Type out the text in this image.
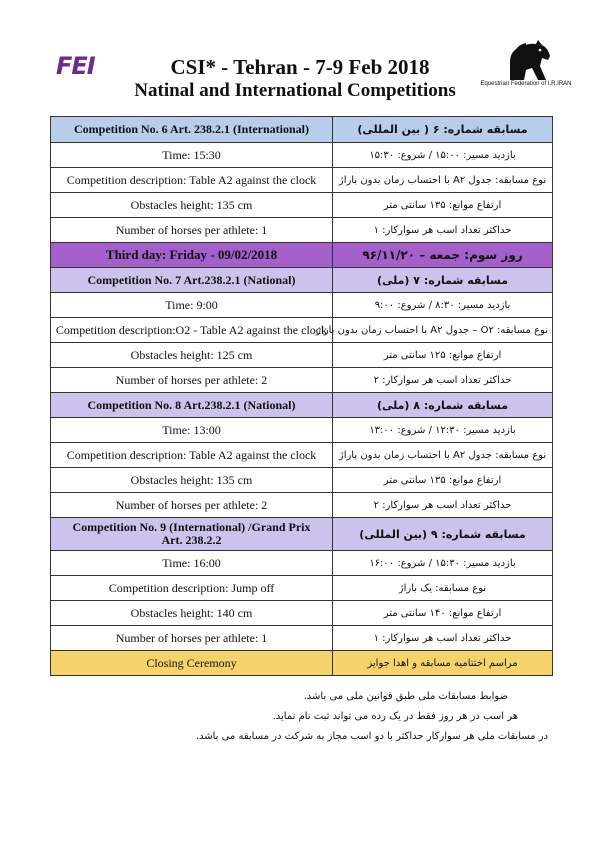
FEI	CSI* - Tehran - 7-9 Feb 2018
Natinal and International Competitions	Equestrian Federation of I.R.IRAN
Competition No. 6 Art. 238.2.1 (International)	مسابقه شماره: ۶ ( بین المللی)
Time: 15:30	بازدید مسیر: ۱۵:۰۰ / شروع: ۱۵:۳۰
Competition description: Table A2 against the clock	نوع مسابقه: جدول A۲ با احتساب زمان بدون باراژ
Obstacles height: 135 cm	ارتفاع موانع: ۱۳۵ سانتی متر
Number of horses per athlete: 1	حداکثر تعداد اسب هر سوارکار: ۱
Third day: Friday - 09/02/2018	روز سوم: جمعه – ۹۶/۱۱/۲۰
Competition No. 7 Art.238.2.1 (National)	مسابقه شماره: ۷ (ملی)
Time: 9:00	بازدید مسیر: ۸:۳۰ / شروع: ۹:۰۰
Competition description:O2 - Table A2 against the clock	نوع مسابقه: O۲ – جدول A۲ با احتساب زمان بدون باراژ
Obstacles height: 125 cm	ارتفاع موانع: ۱۲۵ سانتی متر
Number of horses per athlete: 2	حداکثر تعداد اسب هر سوارکار: ۲
Competition No. 8 Art.238.2.1 (National)	مسابقه شماره: ۸ (ملی)
Time: 13:00	بازدید مسیر: ۱۲:۳۰ / شروع: ۱۳:۰۰
Competition description: Table A2 against the clock	نوع مسابقه: جدول A۲ با احتساب زمان بدون باراژ
Obstacles height: 135 cm	ارتفاع موانع: ۱۳۵ سانتی متر
Number of horses per athlete: 2	حداکثر تعداد اسب هر سوارکار: ۲
Competition No. 9 (International) /Grand Prix
Art. 238.2.2	مسابقه شماره: ۹ (بین المللی)
Time: 16:00	بازدید مسیر: ۱۵:۳۰ / شروع: ۱۶:۰۰
Competition description: Jump off	نوع مسابقه: یک باراژ
Obstacles height: 140 cm	ارتفاع موانع: ۱۴۰ سانتی متر
Number of horses per athlete: 1	حداکثر تعداد اسب هر سوارکار: ۱
Closing Ceremony	مراسم اختتامیه مسابقه و اهدا جوایز
ضوابط مسابقات ملی طبق قوانین ملی می باشد.
هر اسب در هر روز فقط در یک رده می تواند ثبت نام نماید.
در مسابقات ملی هر سوارکار حداکثر با دو اسب مجاز به شرکت در مسابقه می باشد.
